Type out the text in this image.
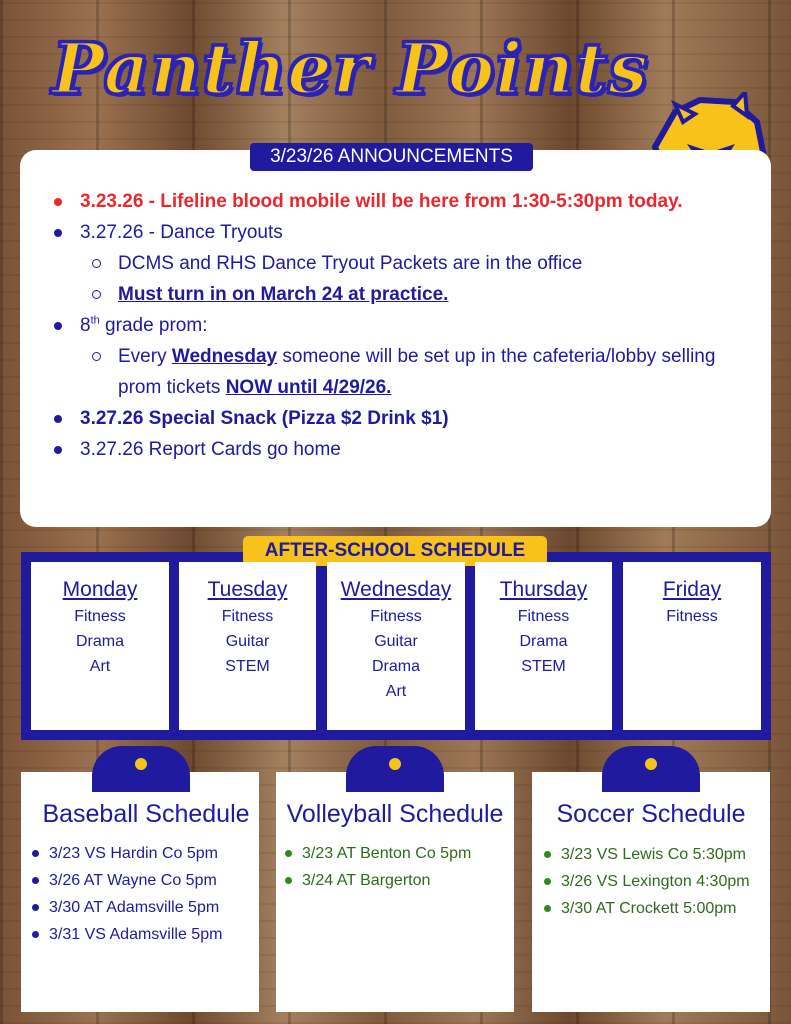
Panther Points
3/23/26 ANNOUNCEMENTS
3.23.26 - Lifeline blood mobile will be here from 1:30-5:30pm today.
3.27.26 - Dance Tryouts
DCMS and RHS Dance Tryout Packets are in the office
Must turn in on March 24 at practice.
8th grade prom:
Every Wednesday someone will be set up in the cafeteria/lobby selling
prom tickets NOW until 4/29/26.
3.27.26 Special Snack (Pizza $2 Drink $1)
3.27.26 Report Cards go home
AFTER-SCHOOL SCHEDULE
Monday
Fitness
Drama
Art
Tuesday
Fitness
Guitar
STEM
Wednesday
Fitness
Guitar
Drama
Art
Thursday
Fitness
Drama
STEM
Friday
Fitness
Baseball Schedule
3/23 VS Hardin Co 5pm
3/26 AT Wayne Co 5pm
3/30 AT Adamsville 5pm
3/31 VS Adamsville 5pm
Volleyball Schedule
3/23 AT Benton Co 5pm
3/24 AT Bargerton
Soccer Schedule
3/23 VS Lewis Co 5:30pm
3/26 VS Lexington 4:30pm
3/30 AT Crockett 5:00pm
